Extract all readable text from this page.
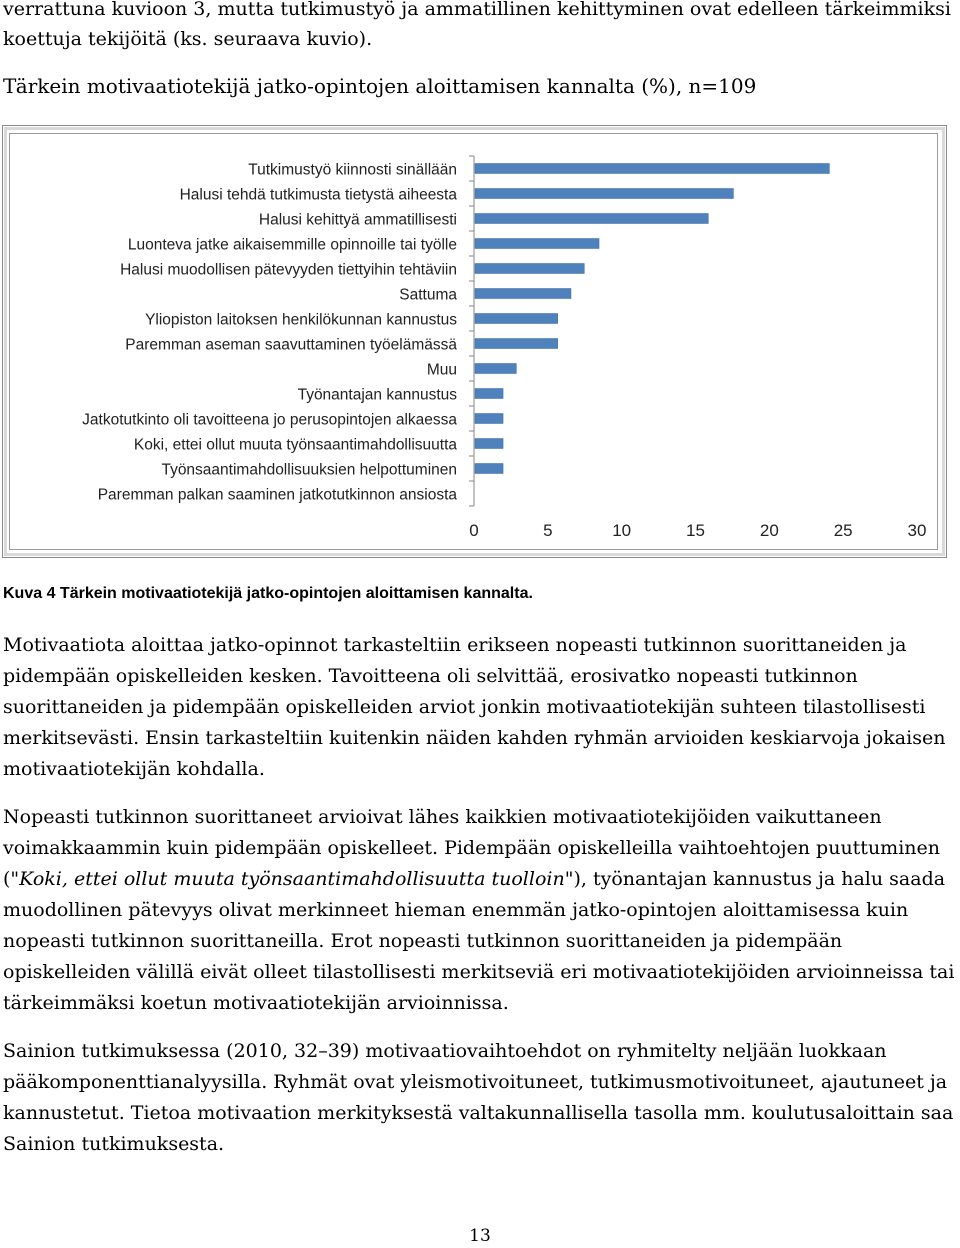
verrattuna kuvioon 3, mutta tutkimustyö ja ammatillinen kehittyminen ovat edelleen tärkeimmiksi koettuja tekijöitä (ks. seuraava kuvio).
Tärkein motivaatiotekijä jatko-opintojen aloittamisen kannalta (%), n=109
Tutkimustyö kiinnosti sinällään
Halusi tehdä tutkimusta tietystä aiheesta
Halusi kehittyä ammatillisesti
Luonteva jatke aikaisemmille opinnoille tai työlle
Halusi muodollisen pätevyyden tiettyihin tehtäviin
Sattuma
Yliopiston laitoksen henkilökunnan kannustus
Paremman aseman saavuttaminen työelämässä
Muu
Työnantajan kannustus
Jatkotutkinto oli tavoitteena jo perusopintojen alkaessa
Koki, ettei ollut muuta työnsaantimahdollisuutta
Työnsaantimahdollisuuksien helpottuminen
Paremman palkan saaminen jatkotutkinnon ansiosta
0	5	10	15	20	25	30
Kuva 4 Tärkein motivaatiotekijä jatko-opintojen aloittamisen kannalta.

Motivaatiota aloittaa jatko-opinnot tarkasteltiin erikseen nopeasti tutkinnon suorittaneiden ja pidempään opiskelleiden kesken. Tavoitteena oli selvittää, erosivatko nopeasti tutkinnon suorittaneiden ja pidempään opiskelleiden arviot jonkin motivaatiotekijän suhteen tilastollisesti merkitsevästi. Ensin tarkasteltiin kuitenkin näiden kahden ryhmän arvioiden keskiarvoja jokaisen motivaatiotekijän kohdalla.

Nopeasti tutkinnon suorittaneet arvioivat lähes kaikkien motivaatiotekijöiden vaikuttaneen voimakkaammin kuin pidempään opiskelleet. Pidempään opiskelleilla vaihtoehtojen puuttuminen ("Koki, ettei ollut muuta työnsaantimahdollisuutta tuolloin"), työnantajan kannustus ja halu saada muodollinen pätevyys olivat merkinneet hieman enemmän jatko-opintojen aloittamisessa kuin nopeasti tutkinnon suorittaneilla. Erot nopeasti tutkinnon suorittaneiden ja pidempään opiskelleiden välillä eivät olleet tilastollisesti merkitseviä eri motivaatiotekijöiden arvioinneissa tai tärkeimmäksi koetun motivaatiotekijän arvioinnissa.

Sainion tutkimuksessa (2010, 32–39) motivaatiovaihtoehdot on ryhmitelty neljään luokkaan pääkomponenttianalyysilla. Ryhmät ovat yleismotivoituneet, tutkimusmotivoituneet, ajautuneet ja kannustetut. Tietoa motivaation merkityksestä valtakunnallisella tasolla mm. koulutusaloittain saa Sainion tutkimuksesta.

13
